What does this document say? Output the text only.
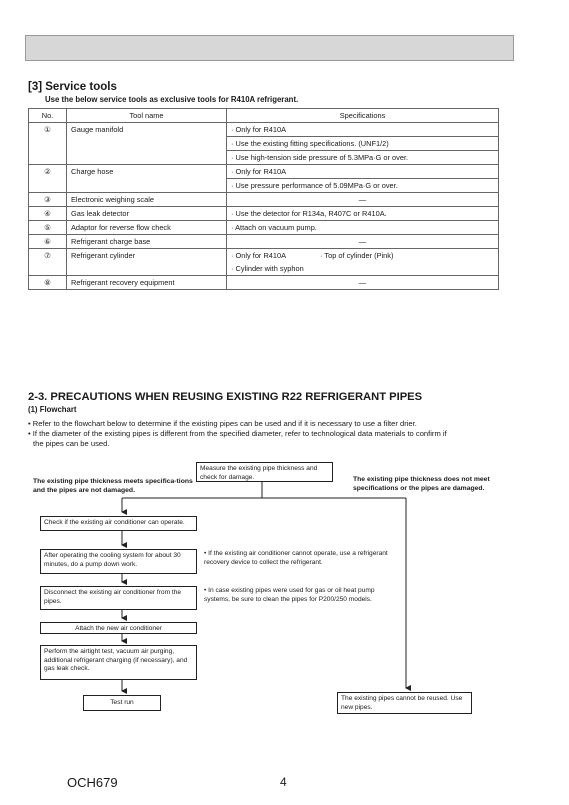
[3] Service tools
Use the below service tools as exclusive tools for R410A refrigerant.
No.	Tool name	Specifications
①	Gauge manifold	· Only for R410A
		· Use the existing fitting specifications. (UNF1/2)
		· Use high-tension side pressure of 5.3MPa·G or over.
②	Charge hose	· Only for R410A
		· Use pressure performance of 5.09MPa·G or over.
③	Electronic weighing scale	—
④	Gas leak detector	· Use the detector for R134a, R407C or R410A.
⑤	Adaptor for reverse flow check	· Attach on vacuum pump.
⑥	Refrigerant charge base	—
⑦	Refrigerant cylinder	· Only for R410A · Top of cylinder (Pink)
		· Cylinder with syphon
⑧	Refrigerant recovery equipment	—
2-3. PRECAUTIONS WHEN REUSING EXISTING R22 REFRIGERANT PIPES
(1) Flowchart
• Refer to the flowchart below to determine if the existing pipes can be used and if it is necessary to use a filter drier.
• If the diameter of the existing pipes is different from the specified diameter, refer to technological data materials to confirm if
the pipes can be used.
Measure the existing pipe thickness and check for damage.
The existing pipe thickness meets specifica-tions and the pipes are not damaged.
The existing pipe thickness does not meet specifications or the pipes are damaged.
Check if the existing air conditioner can operate.
After operating the cooling system for about 30 minutes, do a pump down work.
Disconnect the existing air conditioner from the pipes.
Attach the new air conditioner
Perform the airtight test, vacuum air purging, additional refrigerant charging (if necessary), and gas leak check.
Test run
• If the existing air conditioner cannot operate, use a refrigerant recovery device to collect the refrigerant.
• In case existing pipes were used for gas or oil heat pump systems, be sure to clean the pipes for P200/250 models.
The existing pipes cannot be reused. Use new pipes.
OCH679	4
